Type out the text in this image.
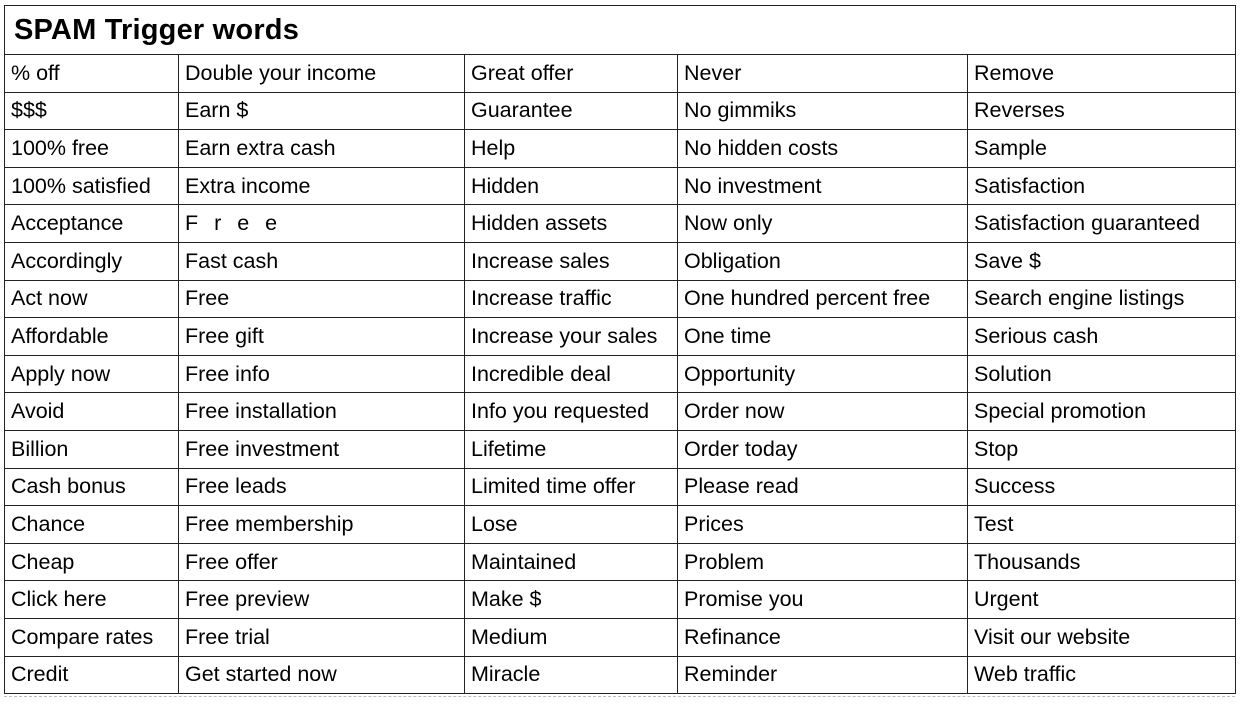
SPAM Trigger words				
% off	Double your income	Great offer	Never	Remove
$$$	Earn $	Guarantee	No gimmiks	Reverses
100% free	Earn extra cash	Help	No hidden costs	Sample
100% satisfied	Extra income	Hidden	No investment	Satisfaction
Acceptance	F r e e	Hidden assets	Now only	Satisfaction guaranteed
Accordingly	Fast cash	Increase sales	Obligation	Save $
Act now	Free	Increase traffic	One hundred percent free	Search engine listings
Affordable	Free gift	Increase your sales	One time	Serious cash
Apply now	Free info	Incredible deal	Opportunity	Solution
Avoid	Free installation	Info you requested	Order now	Special promotion
Billion	Free investment	Lifetime	Order today	Stop
Cash bonus	Free leads	Limited time offer	Please read	Success
Chance	Free membership	Lose	Prices	Test
Cheap	Free offer	Maintained	Problem	Thousands
Click here	Free preview	Make $	Promise you	Urgent
Compare rates	Free trial	Medium	Refinance	Visit our website
Credit	Get started now	Miracle	Reminder	Web traffic
